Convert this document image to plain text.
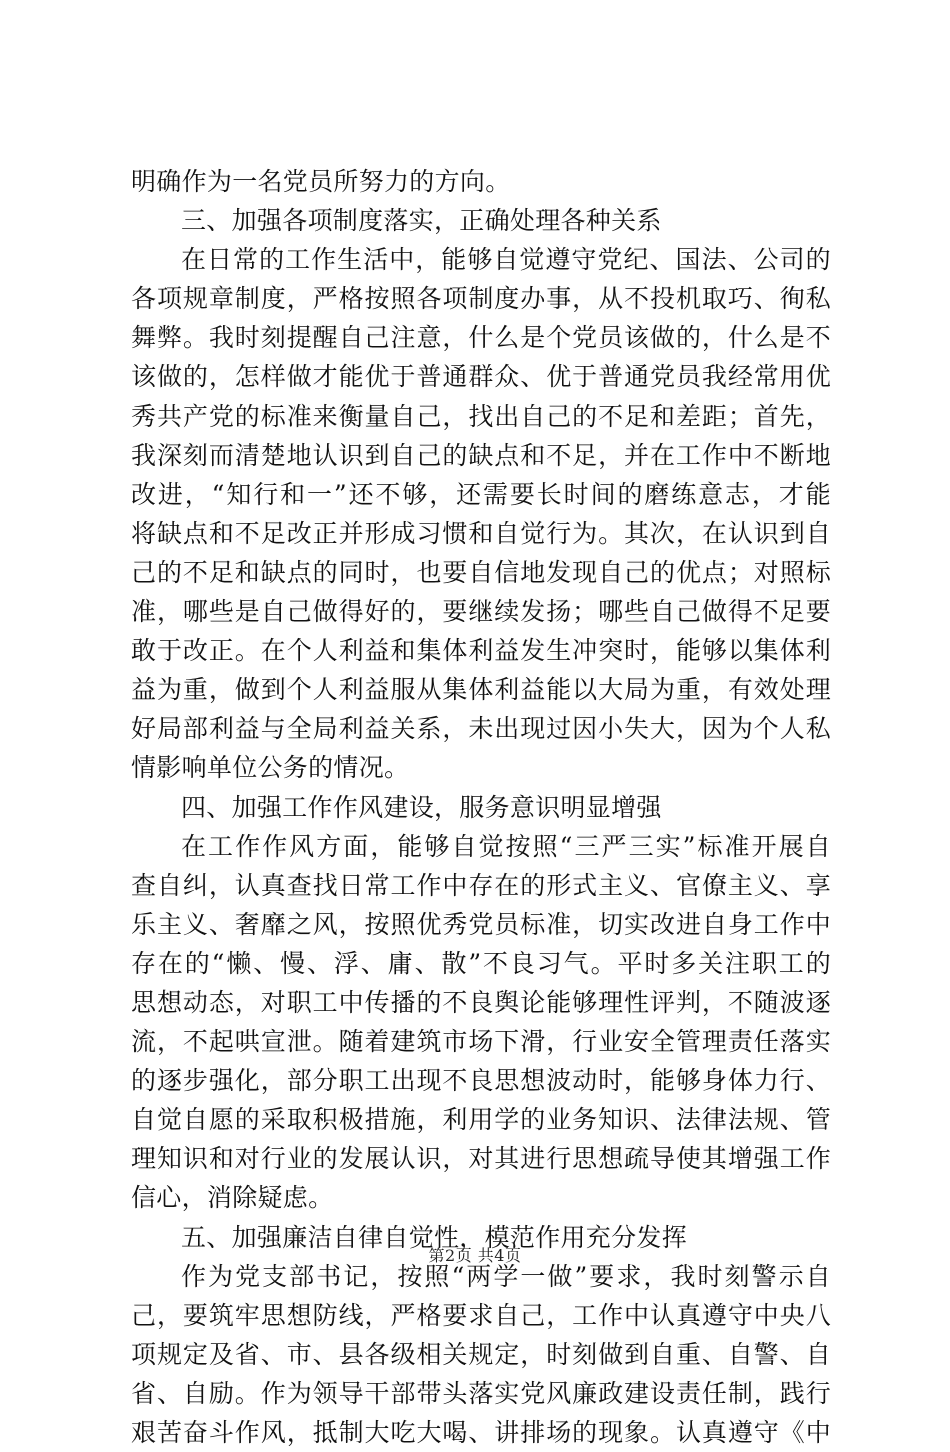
明确作为一名党员所努力的方向。
三、加强各项制度落实，正确处理各种关系
在日常的工作生活中，能够自觉遵守党纪、国法、公司的
各项规章制度，严格按照各项制度办事，从不投机取巧、徇私
舞弊。我时刻提醒自己注意，什么是个党员该做的，什么是不
该做的，怎样做才能优于普通群众、优于普通党员我经常用优
秀共产党的标准来衡量自己，找出自己的不足和差距；首先，
我深刻而清楚地认识到自己的缺点和不足，并在工作中不断地
改进，“知行和一”还不够，还需要长时间的磨练意志，才能
将缺点和不足改正并形成习惯和自觉行为。其次，在认识到自
己的不足和缺点的同时，也要自信地发现自己的优点；对照标
准，哪些是自己做得好的，要继续发扬；哪些自己做得不足要
敢于改正。在个人利益和集体利益发生冲突时，能够以集体利
益为重，做到个人利益服从集体利益能以大局为重，有效处理
好局部利益与全局利益关系，未出现过因小失大，因为个人私
情影响单位公务的情况。
四、加强工作作风建设，服务意识明显增强
在工作作风方面，能够自觉按照“三严三实”标准开展自
查自纠，认真查找日常工作中存在的形式主义、官僚主义、享
乐主义、奢靡之风，按照优秀党员标准，切实改进自身工作中
存在的“懒、慢、浮、庸、散”不良习气。平时多关注职工的
思想动态，对职工中传播的不良舆论能够理性评判，不随波逐
流，不起哄宣泄。随着建筑市场下滑，行业安全管理责任落实
的逐步强化，部分职工出现不良思想波动时，能够身体力行、
自觉自愿的采取积极措施，利用学的业务知识、法律法规、管
理知识和对行业的发展认识，对其进行思想疏导使其增强工作
信心，消除疑虑。
五、加强廉洁自律自觉性，模范作用充分发挥
作为党支部书记，按照“两学一做”要求，我时刻警示自
己，要筑牢思想防线，严格要求自己，工作中认真遵守中央八
项规定及省、市、县各级相关规定，时刻做到自重、自警、自
省、自励。作为领导干部带头落实党风廉政建设责任制，践行
艰苦奋斗作风，抵制大吃大喝、讲排场的现象。认真遵守《中
第2页 共4页
